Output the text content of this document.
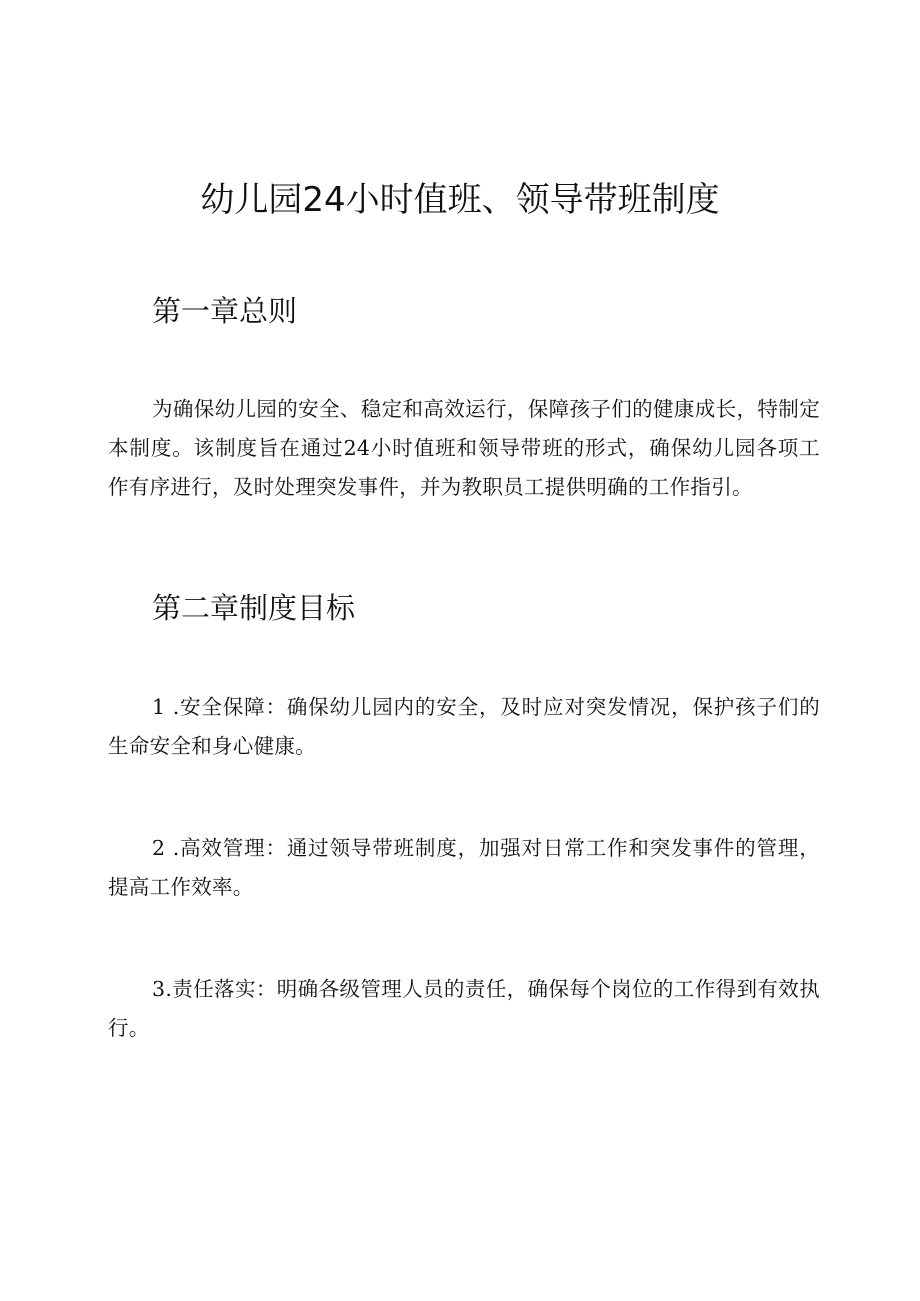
幼儿园24小时值班、领导带班制度
第一章总则

为确保幼儿园的安全、稳定和高效运行，保障孩子们的健康成长，特制定本制度。该制度旨在通过24小时值班和领导带班的形式，确保幼儿园各项工作有序进行，及时处理突发事件，并为教职员工提供明确的工作指引。

第二章制度目标

1 .安全保障：确保幼儿园内的安全，及时应对突发情况，保护孩子们的生命安全和身心健康。

2 .高效管理：通过领导带班制度，加强对日常工作和突发事件的管理，提高工作效率。

3.责任落实：明确各级管理人员的责任，确保每个岗位的工作得到有效执行。
